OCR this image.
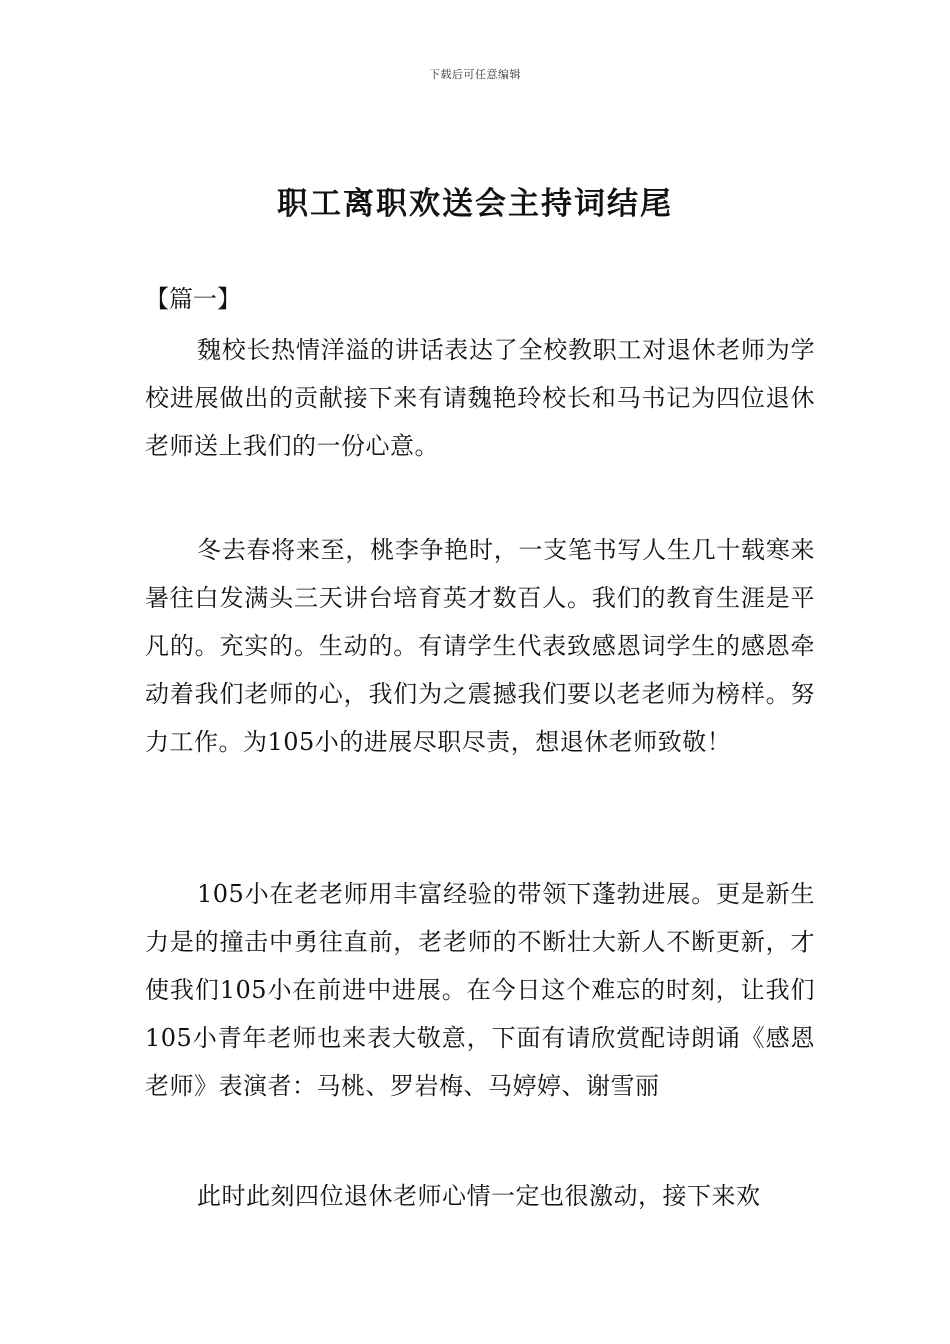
下载后可任意编辑
职工离职欢送会主持词结尾
【篇一】

魏校长热情洋溢的讲话表达了全校教职工对退休老师为学校进展做出的贡献接下来有请魏艳玲校长和马书记为四位退休老师送上我们的一份心意。

冬去春将来至，桃李争艳时，一支笔书写人生几十载寒来暑往白发满头三天讲台培育英才数百人。我们的教育生涯是平凡的。充实的。生动的。有请学生代表致感恩词学生的感恩牵动着我们老师的心，我们为之震撼我们要以老老师为榜样。努力工作。为105小的进展尽职尽责，想退休老师致敬！

105小在老老师用丰富经验的带领下蓬勃进展。更是新生力是的撞击中勇往直前，老老师的不断壮大新人不断更新，才使我们105小在前进中进展。在今日这个难忘的时刻，让我们105小青年老师也来表大敬意，下面有请欣赏配诗朗诵《感恩老师》表演者：马桃、罗岩梅、马婷婷、谢雪丽

此时此刻四位退休老师心情一定也很激动，接下来欢
